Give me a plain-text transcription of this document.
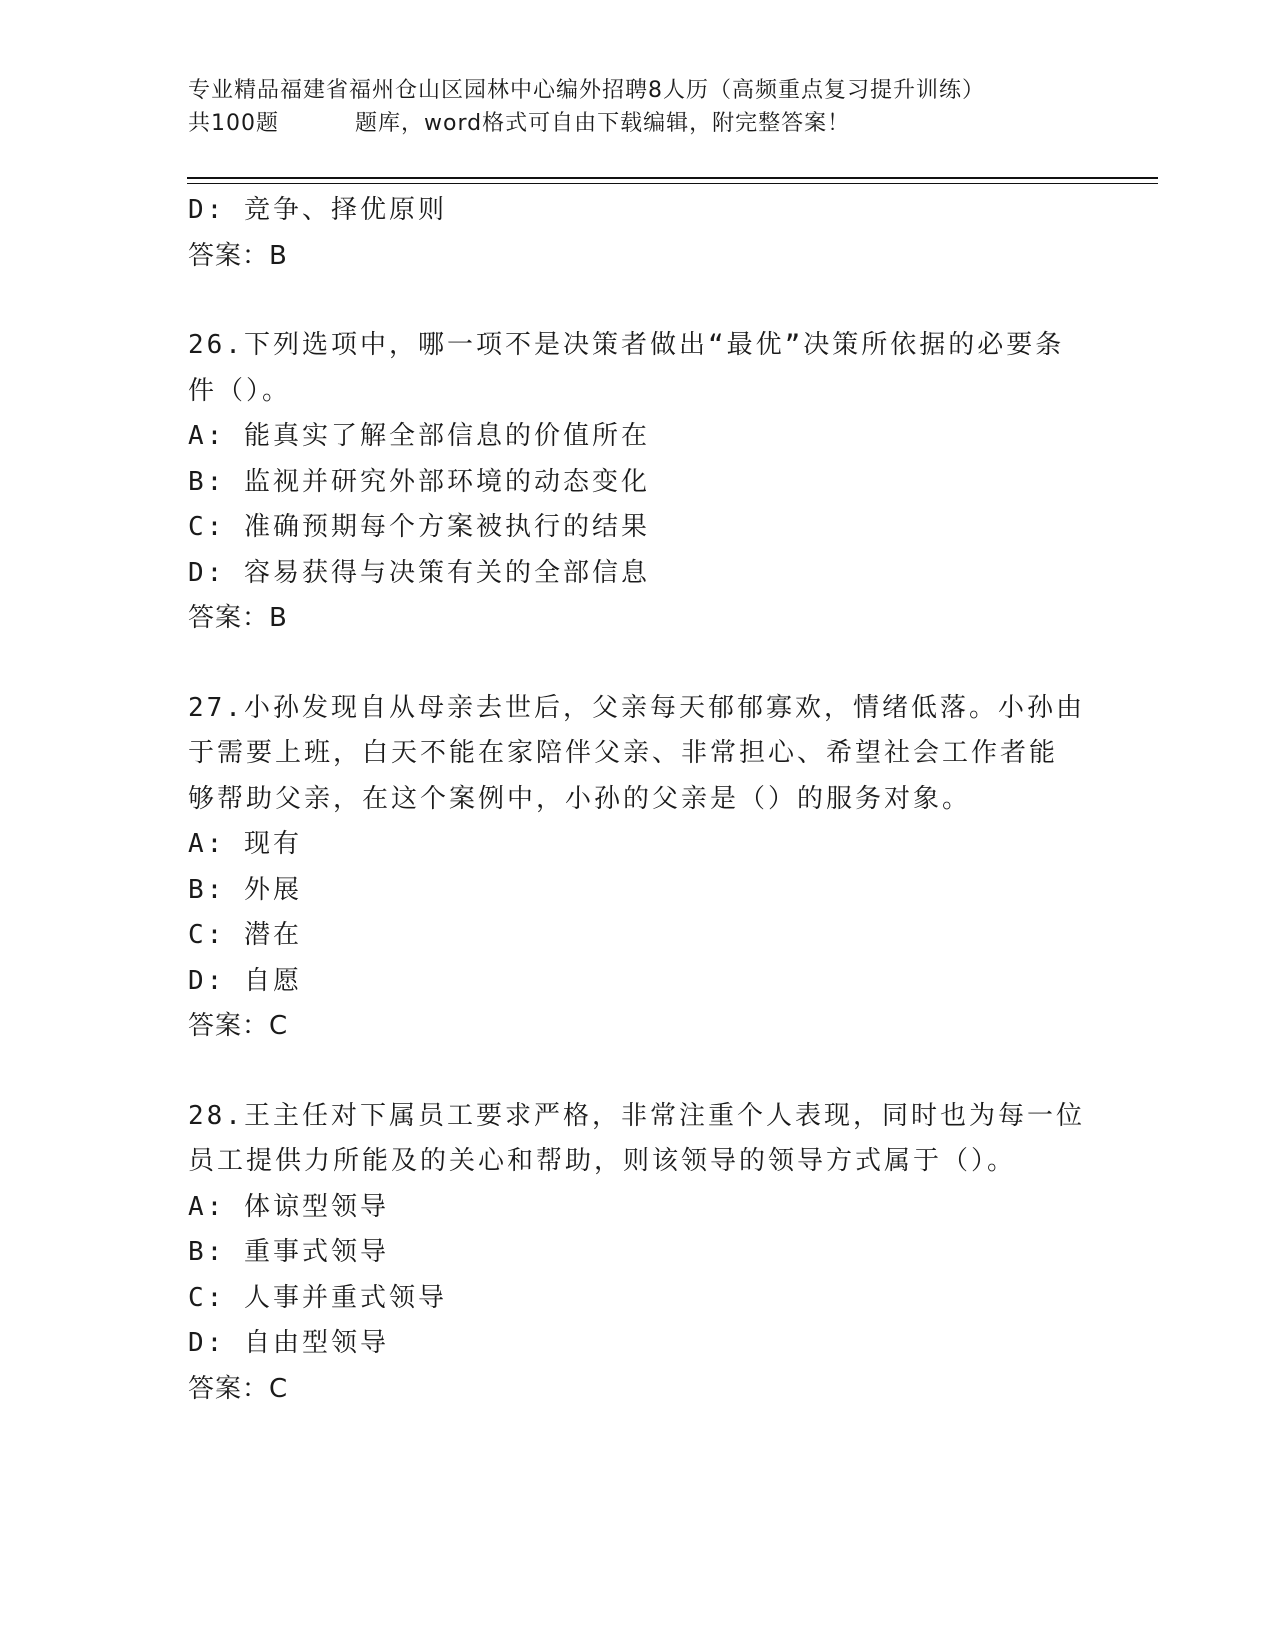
专业精品福建省福州仓山区园林中心编外招聘8人历（高频重点复习提升训练）
共100题	题库，word格式可自由下载编辑，附完整答案！
D: 竞争、择优原则
答案：B
26.下列选项中，哪一项不是决策者做出“最优”决策所依据的必要条
件（）。
A: 能真实了解全部信息的价值所在
B: 监视并研究外部环境的动态变化
C: 准确预期每个方案被执行的结果
D: 容易获得与决策有关的全部信息
答案：B
27.小孙发现自从母亲去世后，父亲每天郁郁寡欢，情绪低落。小孙由
于需要上班，白天不能在家陪伴父亲、非常担心、希望社会工作者能
够帮助父亲，在这个案例中，小孙的父亲是（）的服务对象。
A: 现有
B: 外展
C: 潜在
D: 自愿
答案：C
28.王主任对下属员工要求严格，非常注重个人表现，同时也为每一位
员工提供力所能及的关心和帮助，则该领导的领导方式属于（）。
A: 体谅型领导
B: 重事式领导
C: 人事并重式领导
D: 自由型领导
答案：C
